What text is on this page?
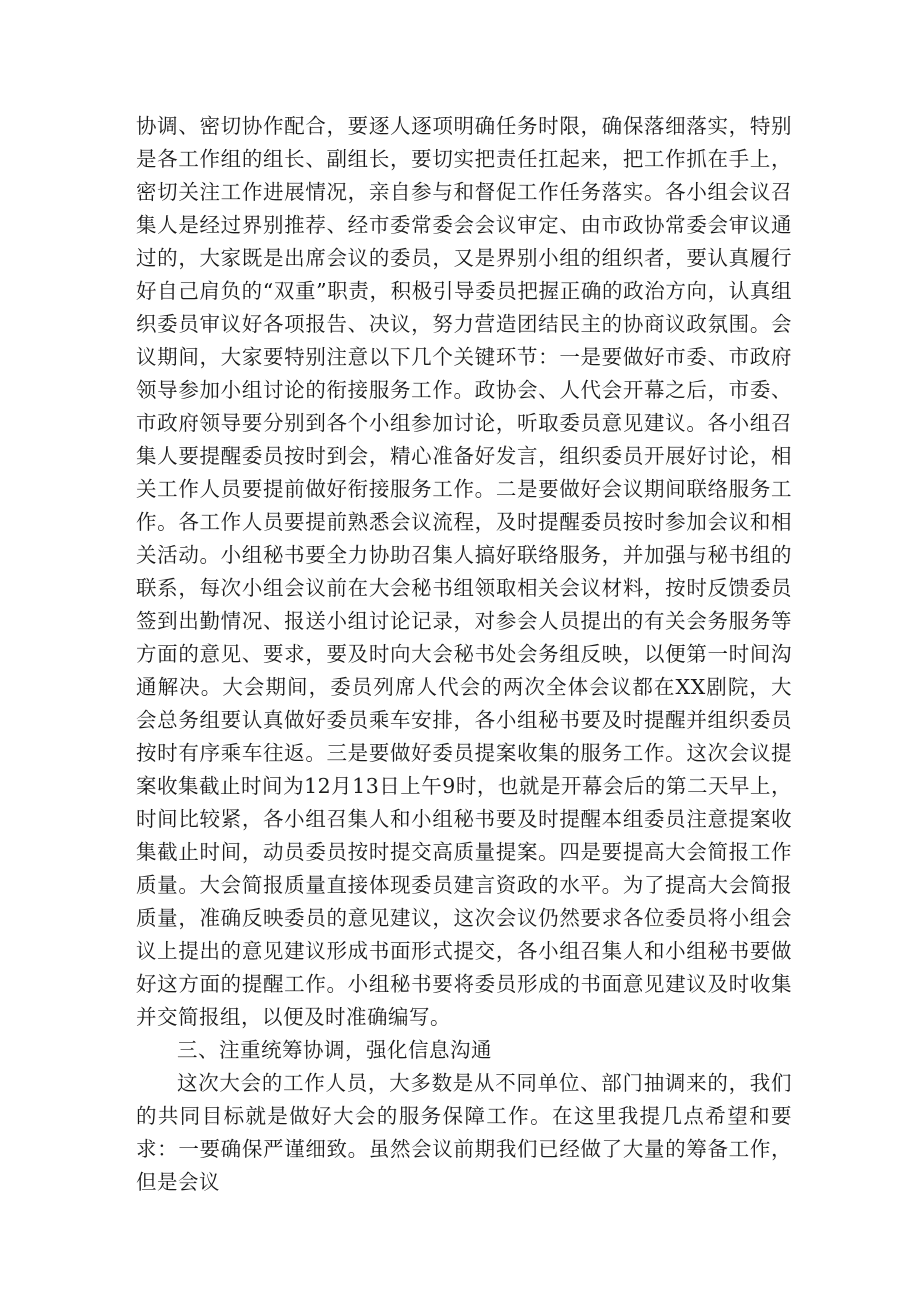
协调、密切协作配合，要逐人逐项明确任务时限，确保落细落实，特别是各工作组的组长、副组长，要切实把责任扛起来，把工作抓在手上，密切关注工作进展情况，亲自参与和督促工作任务落实。各小组会议召集人是经过界别推荐、经市委常委会会议审定、由市政协常委会审议通过的，大家既是出席会议的委员，又是界别小组的组织者，要认真履行好自己肩负的“双重”职责，积极引导委员把握正确的政治方向，认真组织委员审议好各项报告、决议，努力营造团结民主的协商议政氛围。会议期间，大家要特别注意以下几个关键环节：一是要做好市委、市政府领导参加小组讨论的衔接服务工作。政协会、人代会开幕之后，市委、市政府领导要分别到各个小组参加讨论，听取委员意见建议。各小组召集人要提醒委员按时到会，精心准备好发言，组织委员开展好讨论，相关工作人员要提前做好衔接服务工作。二是要做好会议期间联络服务工作。各工作人员要提前熟悉会议流程，及时提醒委员按时参加会议和相关活动。小组秘书要全力协助召集人搞好联络服务，并加强与秘书组的联系，每次小组会议前在大会秘书组领取相关会议材料，按时反馈委员签到出勤情况、报送小组讨论记录，对参会人员提出的有关会务服务等方面的意见、要求，要及时向大会秘书处会务组反映，以便第一时间沟通解决。大会期间，委员列席人代会的两次全体会议都在XX剧院，大会总务组要认真做好委员乘车安排，各小组秘书要及时提醒并组织委员按时有序乘车往返。三是要做好委员提案收集的服务工作。这次会议提案收集截止时间为12月13日上午9时，也就是开幕会后的第二天早上，时间比较紧，各小组召集人和小组秘书要及时提醒本组委员注意提案收集截止时间，动员委员按时提交高质量提案。四是要提高大会简报工作质量。大会简报质量直接体现委员建言资政的水平。为了提高大会简报质量，准确反映委员的意见建议，这次会议仍然要求各位委员将小组会议上提出的意见建议形成书面形式提交，各小组召集人和小组秘书要做好这方面的提醒工作。小组秘书要将委员形成的书面意见建议及时收集并交简报组，以便及时准确编写。

三、注重统筹协调，强化信息沟通

这次大会的工作人员，大多数是从不同单位、部门抽调来的，我们的共同目标就是做好大会的服务保障工作。在这里我提几点希望和要求：一要确保严谨细致。虽然会议前期我们已经做了大量的筹备工作，但是会议
